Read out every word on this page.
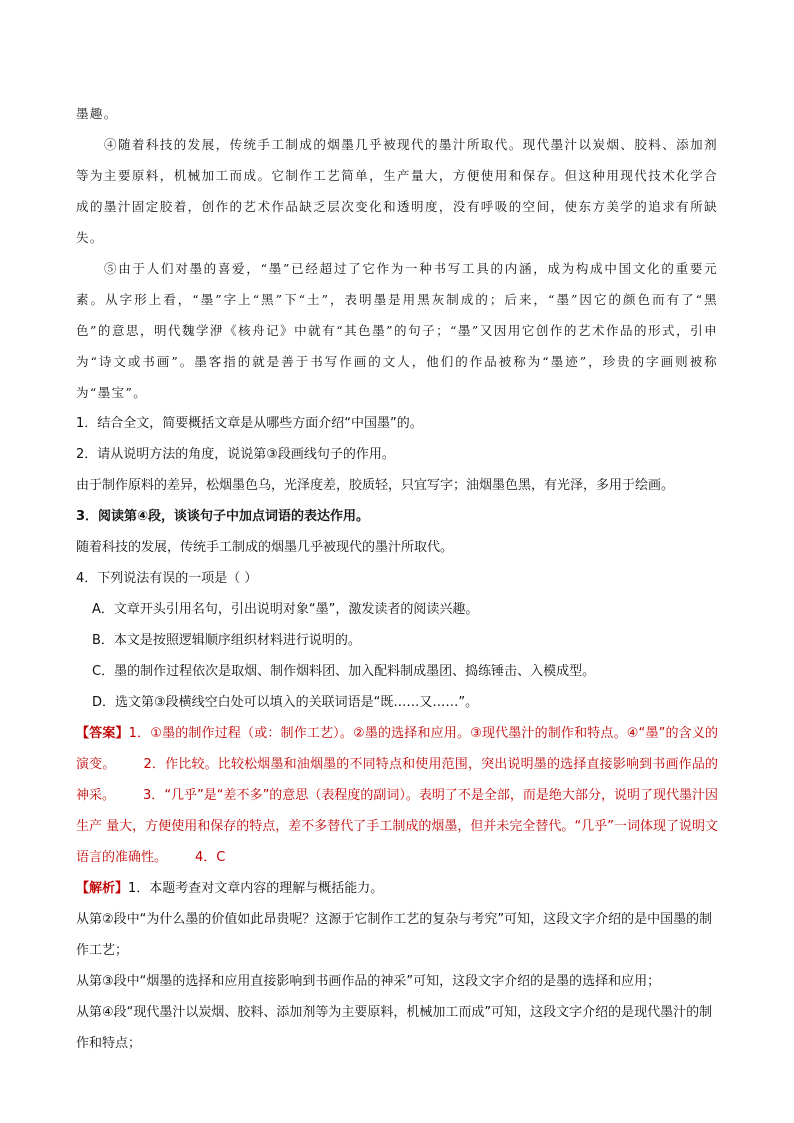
墨趣。

④随着科技的发展，传统手工制成的烟墨几乎被现代的墨汁所取代。现代墨汁以炭烟、胶料、添加剂等为主要原料，机械加工而成。它制作工艺简单，生产量大，方便使用和保存。但这种用现代技术化学合成的墨汁固定胶着，创作的艺术作品缺乏层次变化和透明度，没有呼吸的空间，使东方美学的追求有所缺失。

⑤由于人们对墨的喜爱，“墨”已经超过了它作为一种书写工具的内涵，成为构成中国文化的重要元素。从字形上看，“墨”字上“黑”下“土”，表明墨是用黑灰制成的；后来，“墨”因它的颜色而有了“黑色”的意思，明代魏学洢《核舟记》中就有“其色墨”的句子；“墨”又因用它创作的艺术作品的形式，引申为“诗文或书画”。墨客指的就是善于书写作画的文人，他们的作品被称为“墨迹”，珍贵的字画则被称为“墨宝”。

1．结合全文，简要概括文章是从哪些方面介绍“中国墨”的。

2．请从说明方法的角度，说说第③段画线句子的作用。

由于制作原料的差异，松烟墨色乌，光泽度差，胶质轻，只宜写字；油烟墨色黑，有光泽，多用于绘画。

3．阅读第④段，谈谈句子中加点词语的表达作用。

随着科技的发展，传统手工制成的烟墨几乎被现代的墨汁所取代。

4．下列说法有误的一项是（ ）

A．文章开头引用名句，引出说明对象“墨”，激发读者的阅读兴趣。

B．本文是按照逻辑顺序组织材料进行说明的。

C．墨的制作过程依次是取烟、制作烟料团、加入配料制成墨团、捣练锤击、入模成型。

D．选文第③段横线空白处可以填入的关联词语是“既……又……”。

【答案】1．①墨的制作过程（或：制作工艺）。②墨的选择和应用。③现代墨汁的制作和特点。④“墨”的含义的演变。 2．作比较。比较松烟墨和油烟墨的不同特点和使用范围，突出说明墨的选择直接影响到书画作品的神采。 3．“几乎”是“差不多”的意思（表程度的副词）。表明了不是全部，而是绝大部分，说明了现代墨汁因生产 量大，方便使用和保存的特点，差不多替代了手工制成的烟墨，但并未完全替代。“几乎”一词体现了说明文语言的准确性。 4．C

【解析】1．本题考查对文章内容的理解与概括能力。

从第②段中“为什么墨的价值如此昂贵呢？这源于它制作工艺的复杂与考究”可知，这段文字介绍的是中国墨的制作工艺；

从第③段中“烟墨的选择和应用直接影响到书画作品的神采”可知，这段文字介绍的是墨的选择和应用；

从第④段“现代墨汁以炭烟、胶料、添加剂等为主要原料，机械加工而成”可知，这段文字介绍的是现代墨汁的制作和特点；
